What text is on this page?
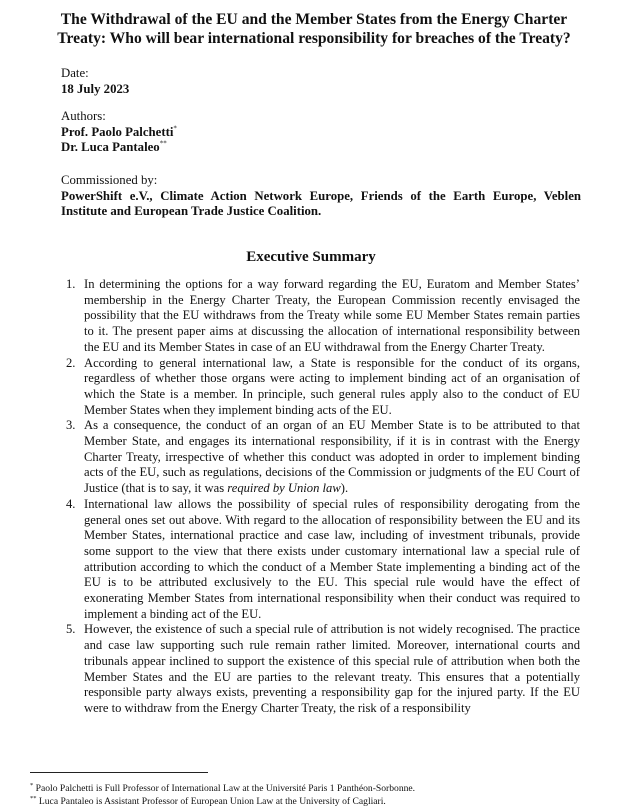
The Withdrawal of the EU and the Member States from the Energy Charter Treaty: Who will bear international responsibility for breaches of the Treaty?
Date:
18 July 2023
Authors:
Prof. Paolo Palchetti*
Dr. Luca Pantaleo**
Commissioned by:
PowerShift e.V., Climate Action Network Europe, Friends of the Earth Europe, Veblen Institute and European Trade Justice Coalition.
Executive Summary
1. In determining the options for a way forward regarding the EU, Euratom and Member States’ membership in the Energy Charter Treaty, the European Commission recently envisaged the possibility that the EU withdraws from the Treaty while some EU Member States remain parties to it. The present paper aims at discussing the allocation of international responsibility between the EU and its Member States in case of an EU withdrawal from the Energy Charter Treaty.
2. According to general international law, a State is responsible for the conduct of its organs, regardless of whether those organs were acting to implement binding act of an organisation of which the State is a member. In principle, such general rules apply also to the conduct of EU Member States when they implement binding acts of the EU.
3. As a consequence, the conduct of an organ of an EU Member State is to be attributed to that Member State, and engages its international responsibility, if it is in contrast with the Energy Charter Treaty, irrespective of whether this conduct was adopted in order to implement binding acts of the EU, such as regulations, decisions of the Commission or judgments of the EU Court of Justice (that is to say, it was required by Union law).
4. International law allows the possibility of special rules of responsibility derogating from the general ones set out above. With regard to the allocation of responsibility between the EU and its Member States, international practice and case law, including of investment tribunals, provide some support to the view that there exists under customary international law a special rule of attribution according to which the conduct of a Member State implementing a binding act of the EU is to be attributed exclusively to the EU. This special rule would have the effect of exonerating Member States from international responsibility when their conduct was required to implement a binding act of the EU.
5. However, the existence of such a special rule of attribution is not widely recognised. The practice and case law supporting such rule remain rather limited. Moreover, international courts and tribunals appear inclined to support the existence of this special rule of attribution when both the Member States and the EU are parties to the relevant treaty. This ensures that a potentially responsible party always exists, preventing a responsibility gap for the injured party. If the EU were to withdraw from the Energy Charter Treaty, the risk of a responsibility
* Paolo Palchetti is Full Professor of International Law at the Université Paris 1 Panthéon-Sorbonne.
** Luca Pantaleo is Assistant Professor of European Union Law at the University of Cagliari.
